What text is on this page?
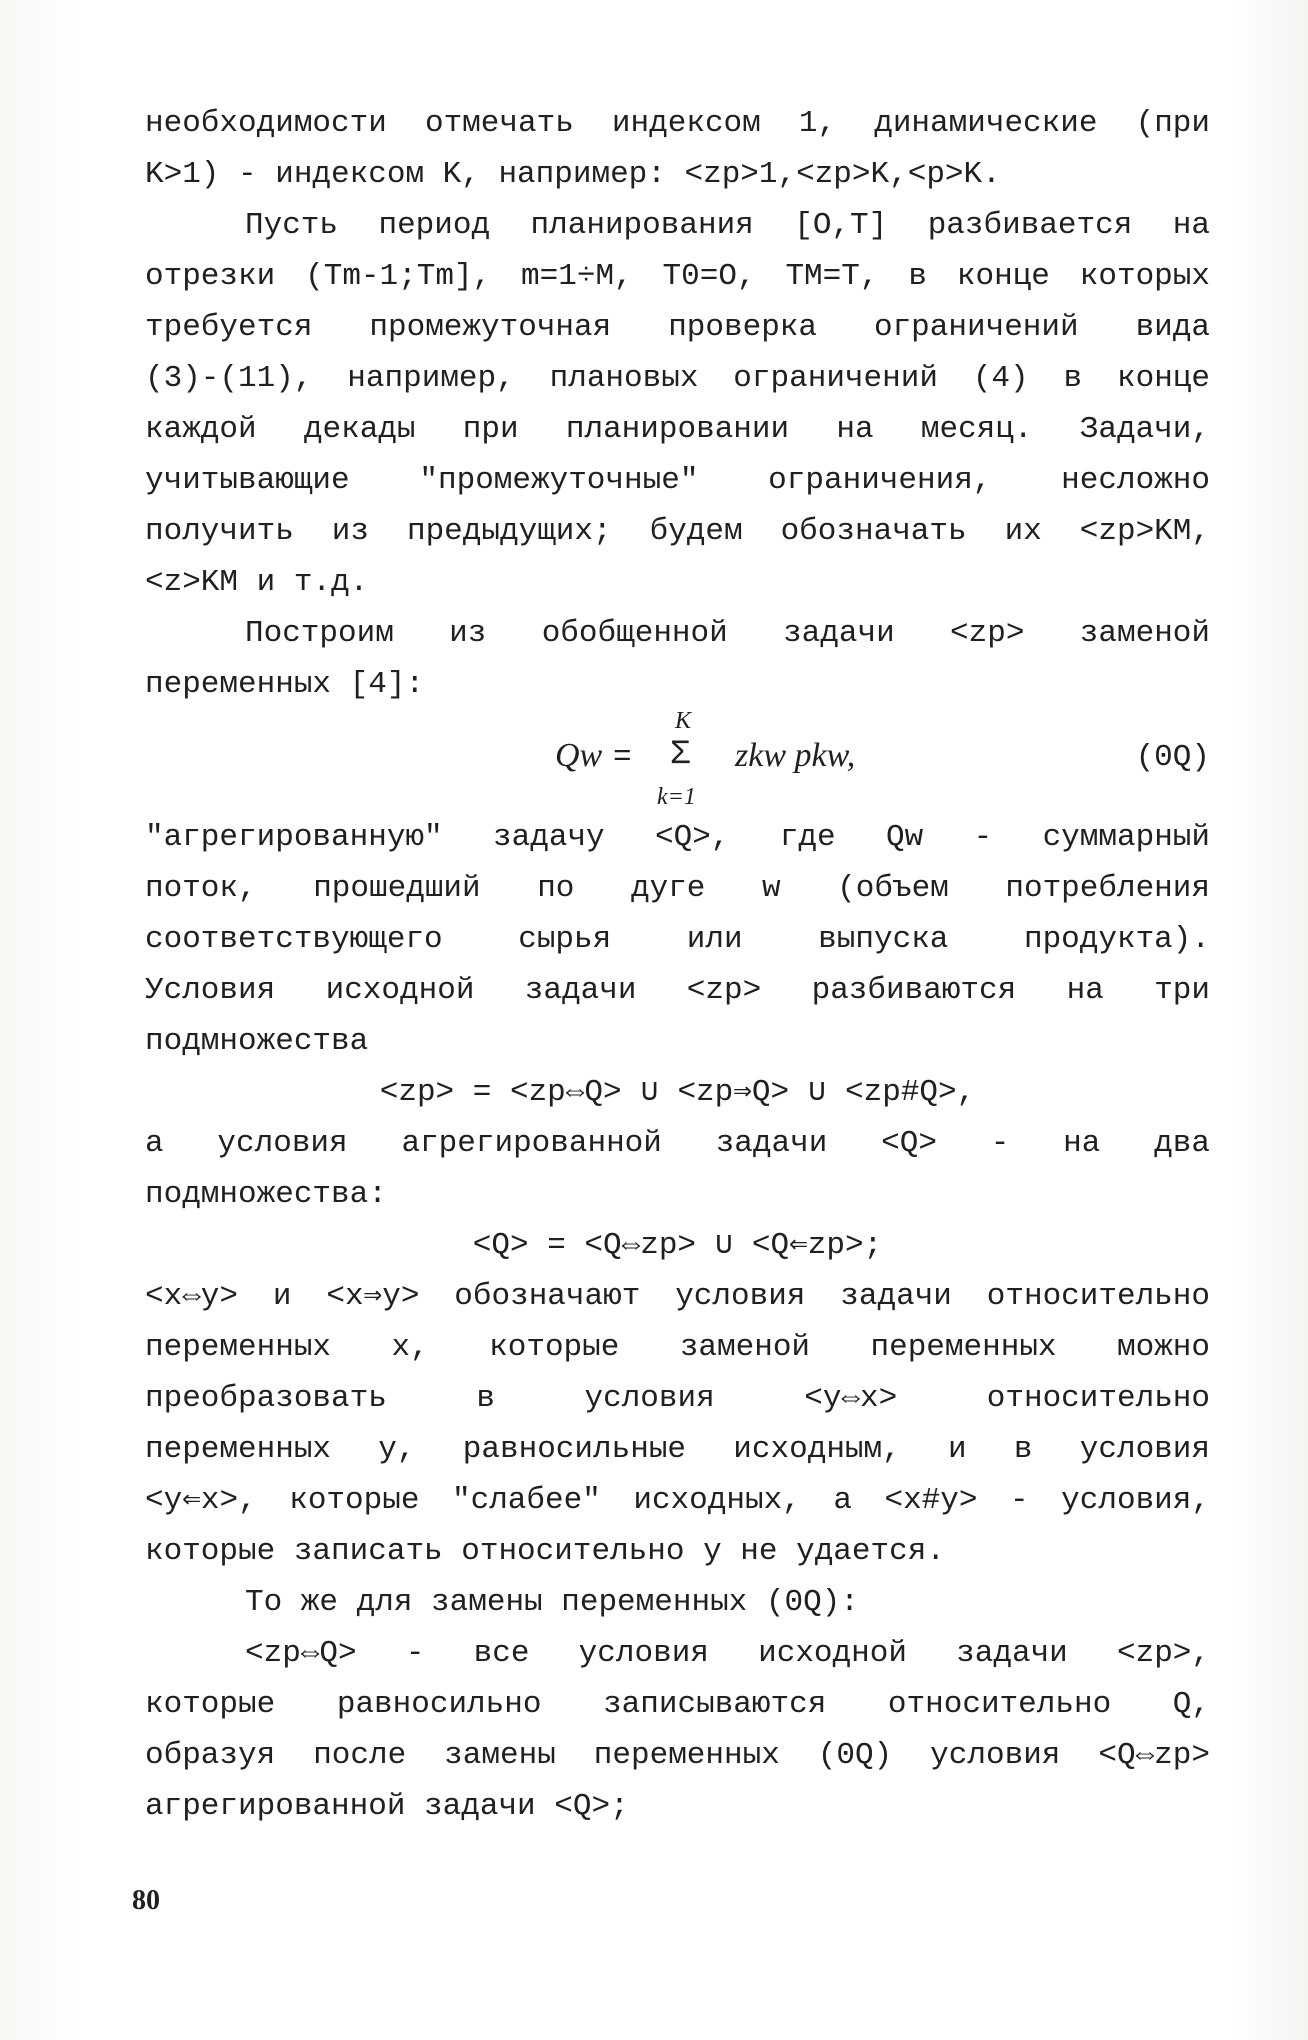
необходимости отмечать индексом 1, динамические (при
K>1) - индексом K, например: <zp>1,<zp>K,<p>K.
Пусть период планирования [O,T] разбивается на
отрезки (Tm-1;Tm], m=1÷M, T0=O, TM=T, в конце которых
требуется промежуточная проверка ограничений вида
(3)-(11), например, плановых ограничений (4) в конце
каждой декады при планировании на месяц. Задачи,
учитывающие "промежуточные" ограничения, несложно
получить из предыдущих; будем обозначать их <zp>KM,
<z>KM и т.д.
Построим из обобщенной задачи <zp> заменой
переменных [4]:
Qw =
K
Σ
k=1
zkw pkw,	(0Q)
"агрегированную" задачу <Q>, где Qw - суммарный
поток, прошедший по дуге w (объем потребления
соответствующего сырья или выпуска продукта).
Условия исходной задачи <zp> разбиваются на три
подмножества
<zp> = <zp⇔Q> ∪ <zp⇒Q> ∪ <zp#Q>,
а условия агрегированной задачи <Q> - на два
подмножества:
<Q> = <Q⇔zp> ∪ <Q⇐zp>;
<x⇔y> и <x⇒y> обозначают условия задачи относительно
переменных x, которые заменой переменных можно
преобразовать в условия <y⇔x> относительно
переменных y, равносильные исходным, и в условия
<y⇐x>, которые "слабее" исходных, а <x#y> - условия,
которые записать относительно y не удается.
То же для замены переменных (0Q):
<zp⇔Q> - все условия исходной задачи <zp>,
которые равносильно записываются относительно Q,
образуя после замены переменных (0Q) условия <Q⇔zp>
агрегированной задачи <Q>;
80
